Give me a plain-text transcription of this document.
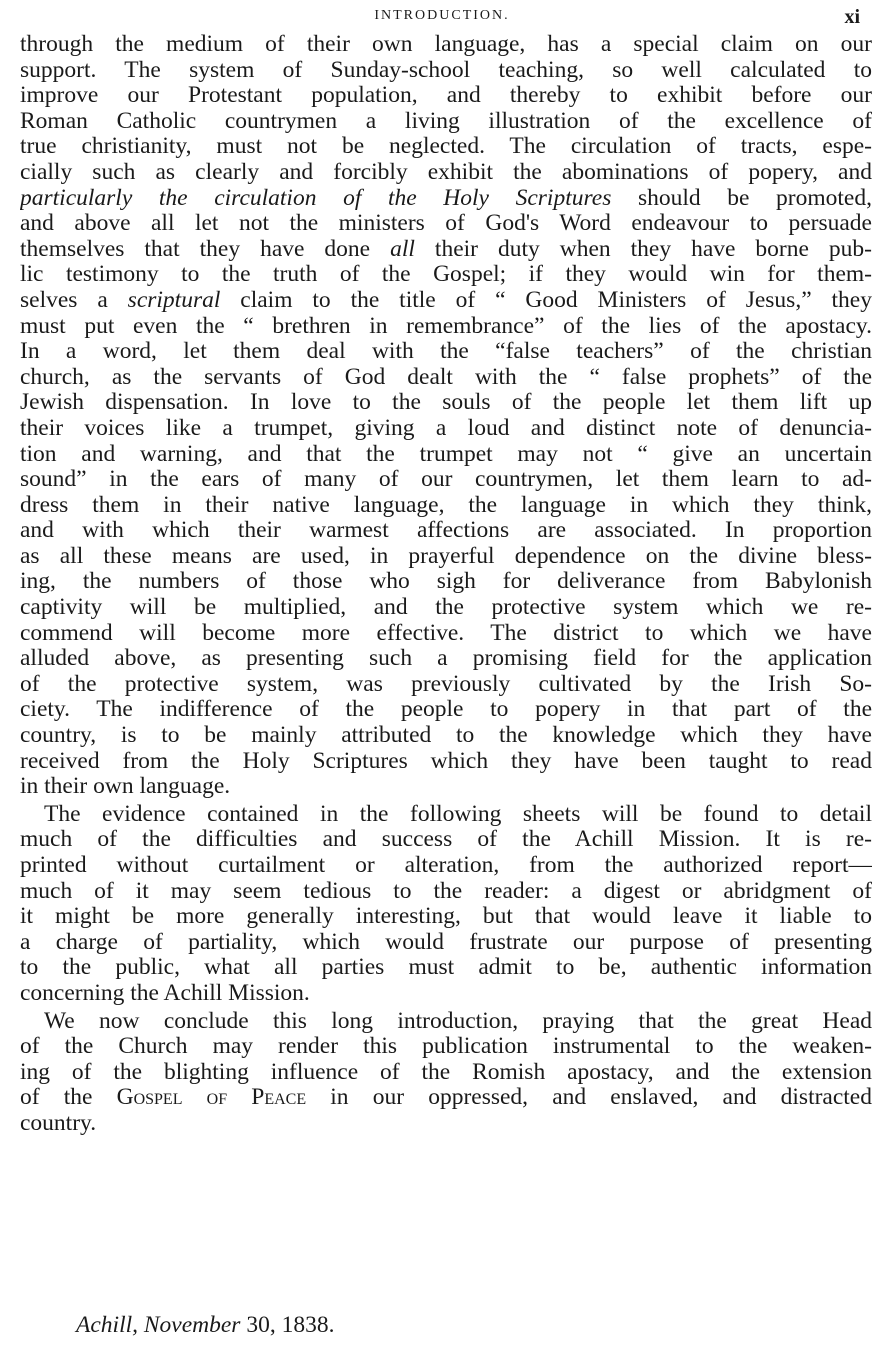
INTRODUCTION.	xi
through the medium of their own language, has a special claim on our
support. The system of Sunday-school teaching, so well calculated to
improve our Protestant population, and thereby to exhibit before our
Roman Catholic countrymen a living illustration of the excellence of
true christianity, must not be neglected. The circulation of tracts, espe-
cially such as clearly and forcibly exhibit the abominations of popery, and
particularly the circulation of the Holy Scriptures should be promoted,
and above all let not the ministers of God's Word endeavour to persuade
themselves that they have done all their duty when they have borne pub-
lic testimony to the truth of the Gospel; if they would win for them-
selves a scriptural claim to the title of “ Good Ministers of Jesus,” they
must put even the “ brethren in remembrance” of the lies of the apostacy.
In a word, let them deal with the “false teachers” of the christian
church, as the servants of God dealt with the “ false prophets” of the
Jewish dispensation. In love to the souls of the people let them lift up
their voices like a trumpet, giving a loud and distinct note of denuncia-
tion and warning, and that the trumpet may not “ give an uncertain
sound” in the ears of many of our countrymen, let them learn to ad-
dress them in their native language, the language in which they think,
and with which their warmest affections are associated. In proportion
as all these means are used, in prayerful dependence on the divine bless-
ing, the numbers of those who sigh for deliverance from Babylonish
captivity will be multiplied, and the protective system which we re-
commend will become more effective. The district to which we have
alluded above, as presenting such a promising field for the application
of the protective system, was previously cultivated by the Irish So-
ciety. The indifference of the people to popery in that part of the
country, is to be mainly attributed to the knowledge which they have
received from the Holy Scriptures which they have been taught to read
in their own language.
The evidence contained in the following sheets will be found to detail
much of the difficulties and success of the Achill Mission. It is re-
printed without curtailment or alteration, from the authorized report—
much of it may seem tedious to the reader: a digest or abridgment of
it might be more generally interesting, but that would leave it liable to
a charge of partiality, which would frustrate our purpose of presenting
to the public, what all parties must admit to be, authentic information
concerning the Achill Mission.
We now conclude this long introduction, praying that the great Head
of the Church may render this publication instrumental to the weaken-
ing of the blighting influence of the Romish apostacy, and the extension
of the Gospel of Peace in our oppressed, and enslaved, and distracted
country.
Achill, November 30, 1838.
